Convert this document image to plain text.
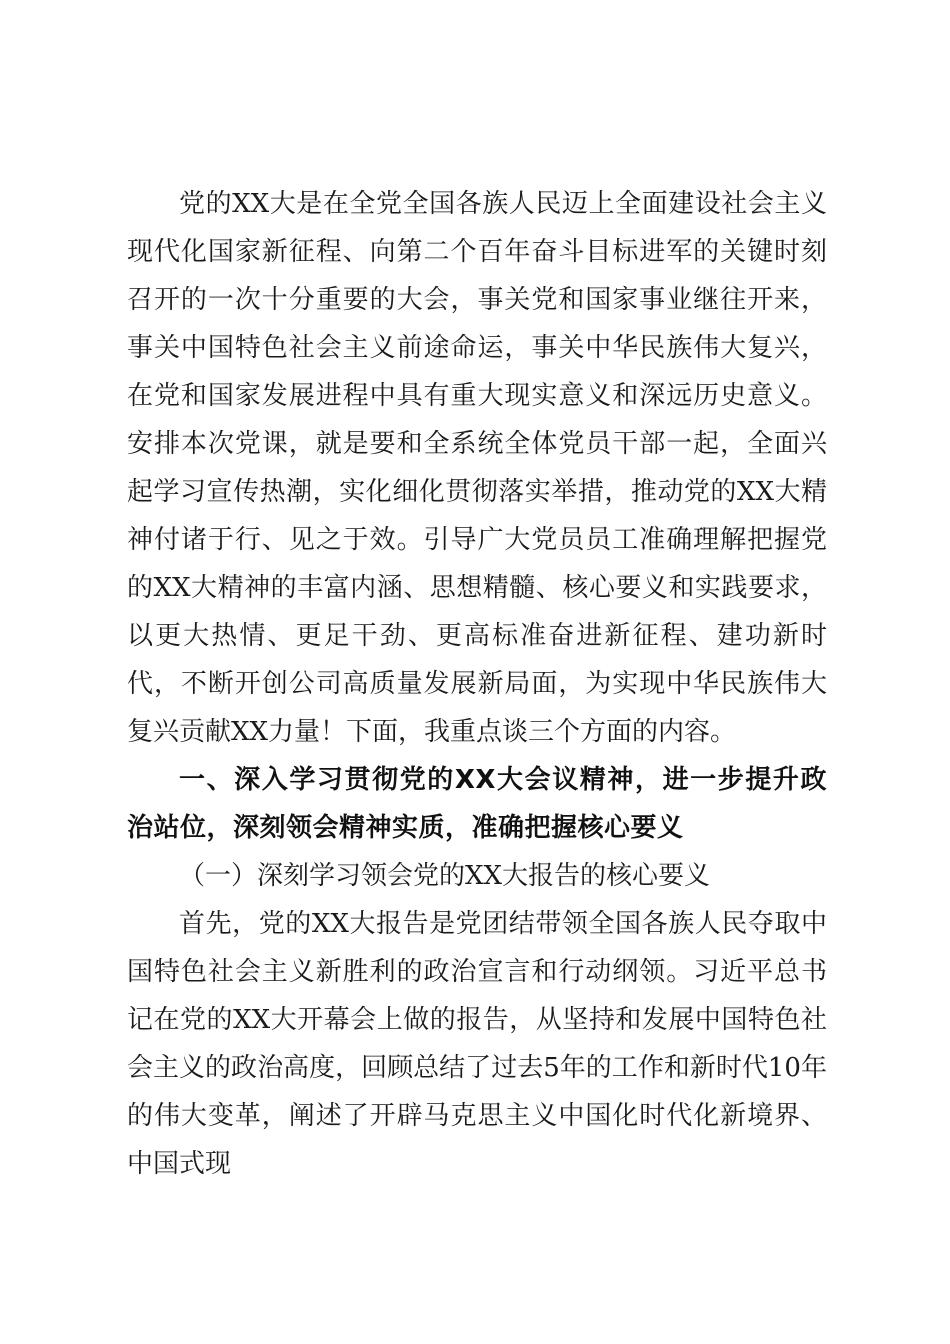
党的XX大是在全党全国各族人民迈上全面建设社会主义现代化国家新征程、向第二个百年奋斗目标进军的关键时刻召开的一次十分重要的大会，事关党和国家事业继往开来，事关中国特色社会主义前途命运，事关中华民族伟大复兴，在党和国家发展进程中具有重大现实意义和深远历史意义。安排本次党课，就是要和全系统全体党员干部一起，全面兴起学习宣传热潮，实化细化贯彻落实举措，推动党的XX大精神付诸于行、见之于效。引导广大党员员工准确理解把握党的XX大精神的丰富内涵、思想精髓、核心要义和实践要求，以更大热情、更足干劲、更高标准奋进新征程、建功新时代，不断开创公司高质量发展新局面，为实现中华民族伟大复兴贡献XX力量！下面，我重点谈三个方面的内容。

一、深入学习贯彻党的XX大会议精神，进一步提升政治站位，深刻领会精神实质，准确把握核心要义

（一）深刻学习领会党的XX大报告的核心要义

首先，党的XX大报告是党团结带领全国各族人民夺取中国特色社会主义新胜利的政治宣言和行动纲领。习近平总书记在党的XX大开幕会上做的报告，从坚持和发展中国特色社会主义的政治高度，回顾总结了过去5年的工作和新时代10年的伟大变革，阐述了开辟马克思主义中国化时代化新境界、中国式现
